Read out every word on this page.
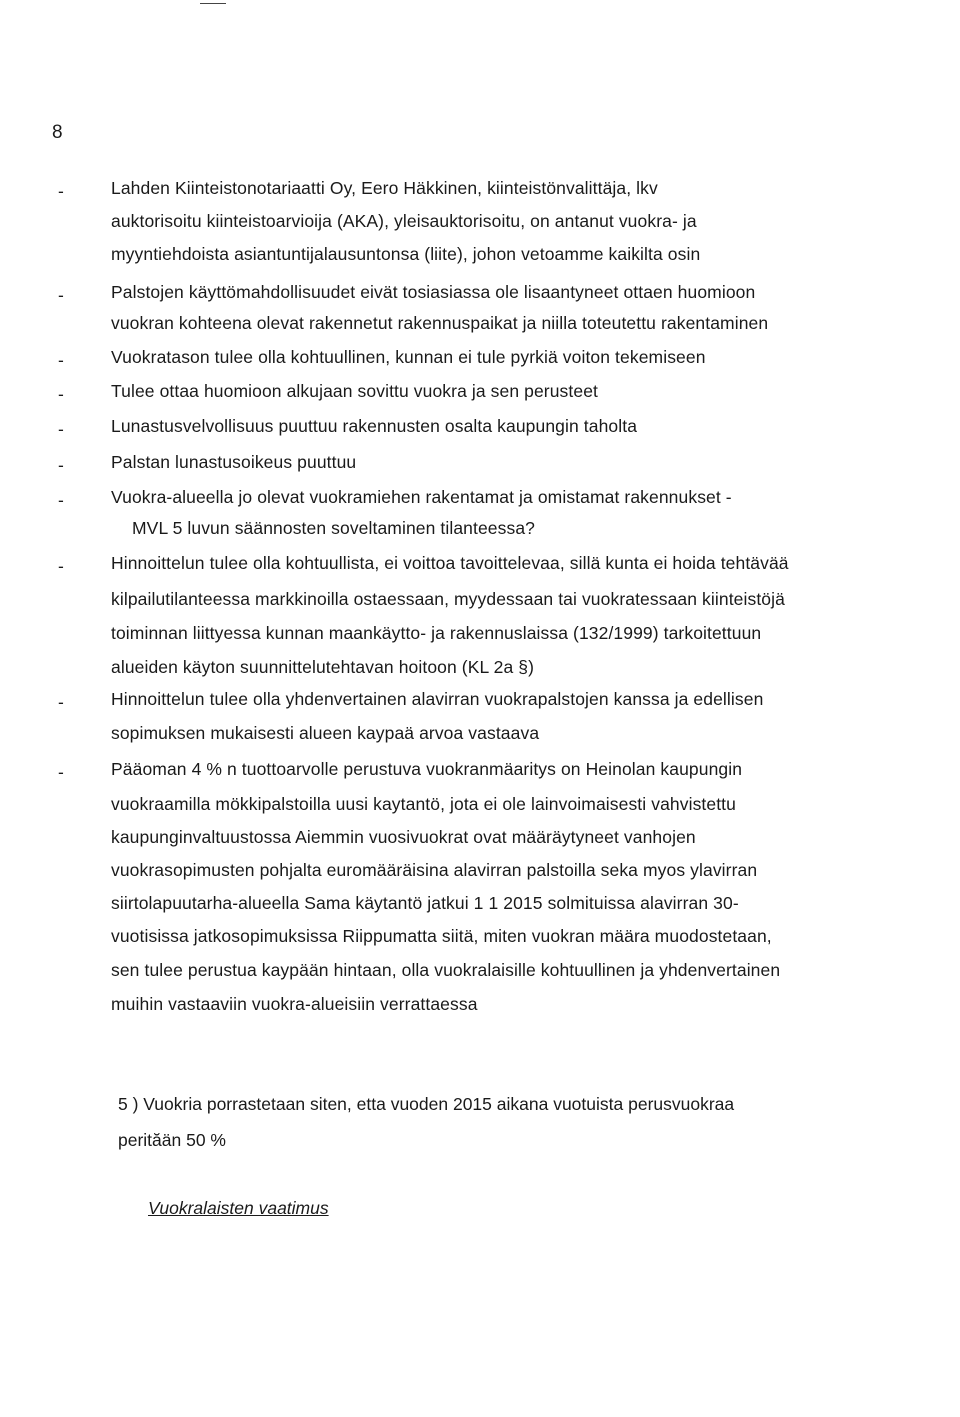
8
-	Lahden Kiinteistonotariaatti Oy, Eero Häkkinen, kiinteistönvalittäja, lkv
auktorisoitu kiinteistoarvioija (AKA), yleisauktorisoitu, on antanut vuokra- ja
myyntiehdoista asiantuntijalausuntonsa (liite), johon vetoamme kaikilta osin
-	Palstojen käyttömahdollisuudet eivät tosiasiassa ole lisaantyneet ottaen huomioon
vuokran kohteena olevat rakennetut rakennuspaikat ja niilla toteutettu rakentaminen
-	Vuokratason tulee olla kohtuullinen, kunnan ei tule pyrkiä voiton tekemiseen
-	Tulee ottaa huomioon alkujaan sovittu vuokra ja sen perusteet
-	Lunastusvelvollisuus puuttuu rakennusten osalta kaupungin taholta
-	Palstan lunastusoikeus puuttuu
-	Vuokra-alueella jo olevat vuokramiehen rakentamat ja omistamat rakennukset -
MVL 5 luvun säännosten soveltaminen tilanteessa?
-	Hinnoittelun tulee olla kohtuullista, ei voittoa tavoittelevaa, sillä kunta ei hoida tehtävää
kilpailutilanteessa markkinoilla ostaessaan, myydessaan tai vuokratessaan kiinteistöjä
toiminnan liittyessa kunnan maankäytto- ja rakennuslaissa (132/1999) tarkoitettuun
alueiden käyton suunnittelutehtavan hoitoon (KL 2a §)
-	Hinnoittelun tulee olla yhdenvertainen alavirran vuokrapalstojen kanssa ja edellisen
sopimuksen mukaisesti alueen kaypaä arvoa vastaava
-	Pääoman 4 % n tuottoarvolle perustuva vuokranmäaritys on Heinolan kaupungin
vuokraamilla mökkipalstoilla uusi kaytantö, jota ei ole lainvoimaisesti vahvistettu
kaupunginvaltuustossa Aiemmin vuosivuokrat ovat määräytyneet vanhojen
vuokrasopimusten pohjalta euromääräisina alavirran palstoilla seka myos ylavirran
siirtolapuutarha-alueella Sama käytantö jatkui 1 1 2015 solmituissa alavirran 30-
vuotisissa jatkosopimuksissa Riippumatta siitä, miten vuokran määra muodostetaan,
sen tulee perustua kaypään hintaan, olla vuokralaisille kohtuullinen ja yhdenvertainen
muihin vastaaviin vuokra-alueisiin verrattaessa
5 ) Vuokria porrastetaan siten, etta vuoden 2015 aikana vuotuista perusvuokraa
perităän 50 %
Vuokralaisten vaatimus
